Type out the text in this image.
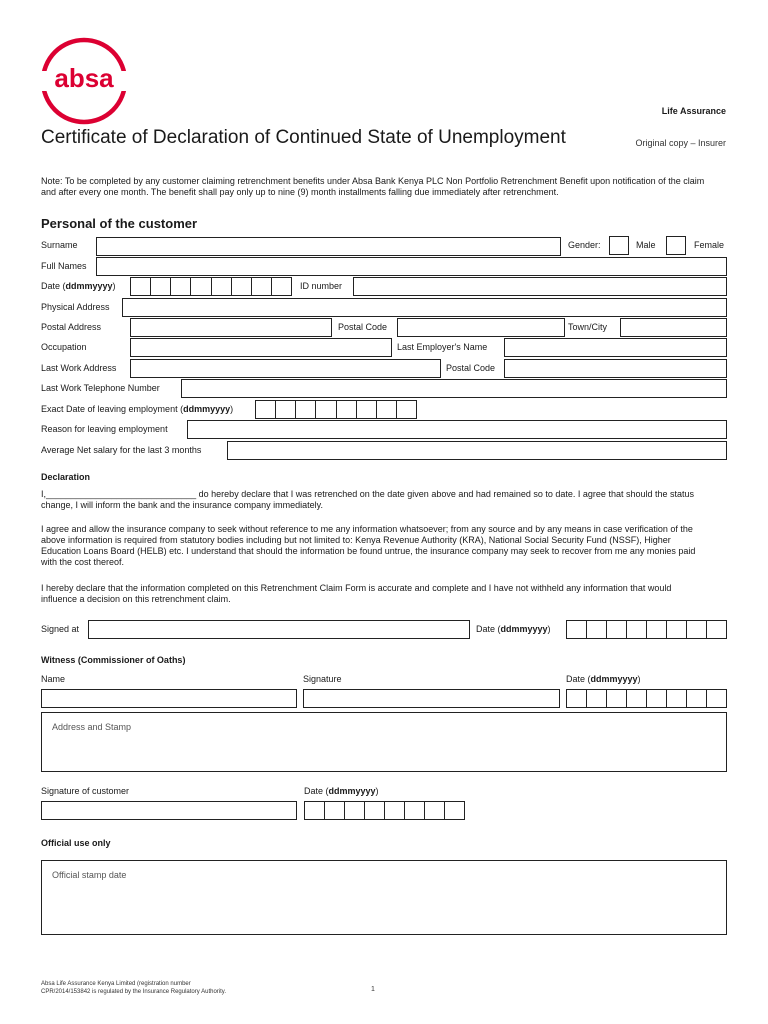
absa
Life Assurance
Certificate of Declaration of Continued State of Unemployment	Original copy – Insurer
Note: To be completed by any customer claiming retrenchment benefits under Absa Bank Kenya PLC Non Portfolio Retrenchment Benefit upon notification of the claim and after every one month. The benefit shall pay only up to nine (9) month installments falling due immediately after retrenchment.
Personal of the customer
Surname	Gender:	Male	Female
Full Names
Date (ddmmyyyy)	ID number
Physical Address
Postal Address	Postal Code	Town/City
Occupation	Last Employer's Name
Last Work Address	Postal Code
Last Work Telephone Number
Exact Date of leaving employment (ddmmyyyy)
Reason for leaving employment
Average Net salary for the last 3 months
Declaration
I,______________________________ do hereby declare that I was retrenched on the date given above and had remained so to date. I agree that should the status change, I will inform the bank and the insurance company immediately.
I agree and allow the insurance company to seek without reference to me any information whatsoever; from any source and by any means in case verification of the above information is required from statutory bodies including but not limited to: Kenya Revenue Authority (KRA), National Social Security Fund (NSSF), Higher Education Loans Board (HELB) etc. I understand that should the information be found untrue, the insurance company may seek to recover from me any monies paid with the cost thereof.
I hereby declare that the information completed on this Retrenchment Claim Form is accurate and complete and I have not withheld any information that would influence a decision on this retrenchment claim.
Signed at	Date (ddmmyyyy)
Witness (Commissioner of Oaths)
Name	Signature	Date (ddmmyyyy)
Address and Stamp
Signature of customer	Date (ddmmyyyy)
Official use only
Official stamp date
Absa Life Assurance Kenya Limited (registration number
CPR/2014/153842 is regulated by the Insurance Regulatory Authority.	1
